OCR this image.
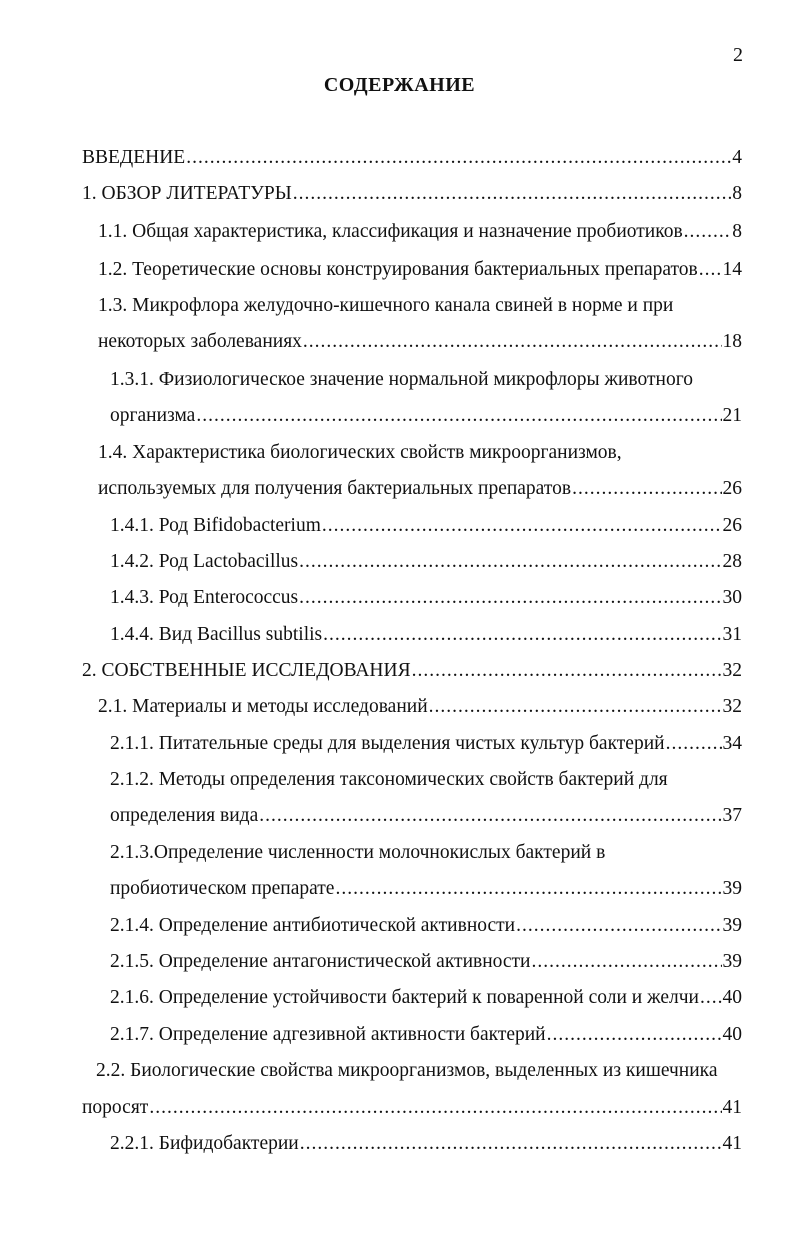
2
СОДЕРЖАНИЕ
ВВЕДЕНИЕ .....	4
1. ОБЗОР ЛИТЕРАТУРЫ .....	8
1.1. Общая характеристика, классификация и назначение пробиотиков .....	8
1.2. Теоретические основы конструирования бактериальных препаратов ..... 14
1.3. Микрофлора желудочно-кишечного канала свиней в норме и при
некоторых заболеваниях .....	18
1.3.1. Физиологическое значение нормальной микрофлоры животного
организма .....	21
1.4. Характеристика биологических свойств микроорганизмов,
используемых для получения бактериальных препаратов .....	26
1.4.1. Род Bifidobacterium .....	26
1.4.2. Род Lactobacillus .....	28
1.4.3. Род Enterococcus .....	30
1.4.4. Вид Bacillus subtilis .....	31
2. СОБСТВЕННЫЕ ИССЛЕДОВАНИЯ .....	32
2.1. Материалы и методы исследований .....	32
2.1.1. Питательные среды для выделения чистых культур бактерий .....	34
2.1.2. Методы определения таксономических свойств бактерий для
определения вида .....	37
2.1.3.Определение численности молочнокислых бактерий в
пробиотическом препарате .....	39
2.1.4. Определение антибиотической активности .....	39
2.1.5. Определение антагонистической активности .....	39
2.1.6. Определение устойчивости бактерий к поваренной соли и желчи ..... 40
2.1.7. Определение адгезивной активности бактерий .....	40
2.2. Биологические свойства микроорганизмов, выделенных из кишечника
поросят .....	41
2.2.1. Бифидобактерии .....	41
